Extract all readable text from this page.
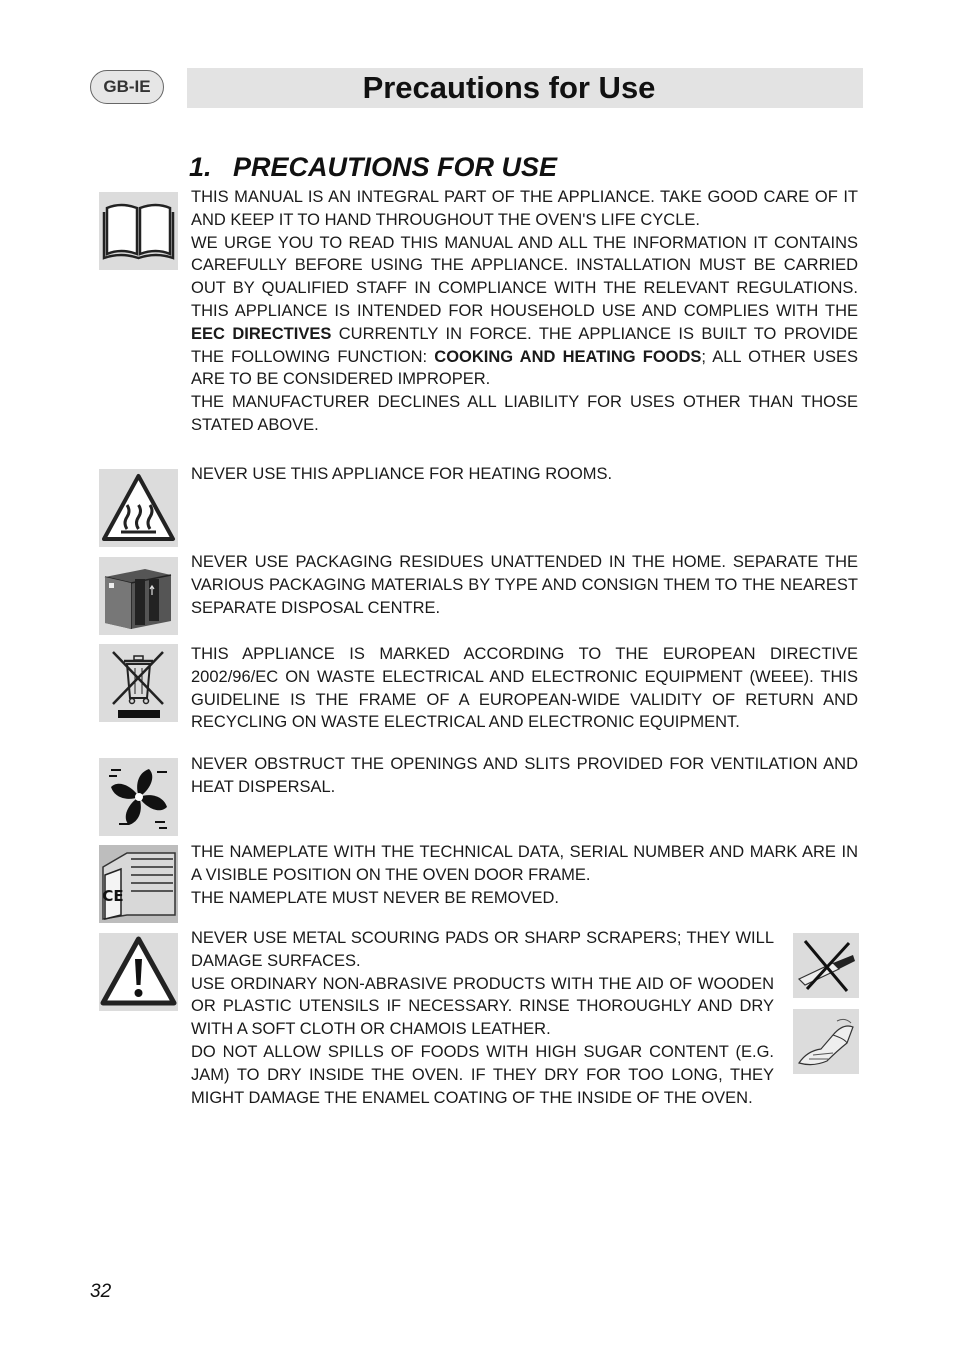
GB-IE	Precautions for Use
1. PRECAUTIONS FOR USE

THIS MANUAL IS AN INTEGRAL PART OF THE APPLIANCE. TAKE GOOD CARE OF IT AND KEEP IT TO HAND THROUGHOUT THE OVEN'S LIFE CYCLE.

WE URGE YOU TO READ THIS MANUAL AND ALL THE INFORMATION IT CONTAINS CAREFULLY BEFORE USING THE APPLIANCE. INSTALLATION MUST BE CARRIED OUT BY QUALIFIED STAFF IN COMPLIANCE WITH THE RELEVANT REGULATIONS. THIS APPLIANCE IS INTENDED FOR HOUSEHOLD USE AND COMPLIES WITH THE EEC DIRECTIVES CURRENTLY IN FORCE. THE APPLIANCE IS BUILT TO PROVIDE THE FOLLOWING FUNCTION: COOKING AND HEATING FOODS; ALL OTHER USES ARE TO BE CONSIDERED IMPROPER.

THE MANUFACTURER DECLINES ALL LIABILITY FOR USES OTHER THAN THOSE STATED ABOVE.

NEVER USE THIS APPLIANCE FOR HEATING ROOMS.

NEVER USE PACKAGING RESIDUES UNATTENDED IN THE HOME. SEPARATE THE VARIOUS PACKAGING MATERIALS BY TYPE AND CONSIGN THEM TO THE NEAREST SEPARATE DISPOSAL CENTRE.

THIS APPLIANCE IS MARKED ACCORDING TO THE EUROPEAN DIRECTIVE 2002/96/EC ON WASTE ELECTRICAL AND ELECTRONIC EQUIPMENT (WEEE). THIS GUIDELINE IS THE FRAME OF A EUROPEAN-WIDE VALIDITY OF RETURN AND RECYCLING ON WASTE ELECTRICAL AND ELECTRONIC EQUIPMENT.

NEVER OBSTRUCT THE OPENINGS AND SLITS PROVIDED FOR VENTILATION AND HEAT DISPERSAL.

CE

THE NAMEPLATE WITH THE TECHNICAL DATA, SERIAL NUMBER AND MARK ARE IN A VISIBLE POSITION ON THE OVEN DOOR FRAME.

THE NAMEPLATE MUST NEVER BE REMOVED.

NEVER USE METAL SCOURING PADS OR SHARP SCRAPERS; THEY WILL DAMAGE SURFACES.

USE ORDINARY NON-ABRASIVE PRODUCTS WITH THE AID OF WOODEN OR PLASTIC UTENSILS IF NECESSARY. RINSE THOROUGHLY AND DRY WITH A SOFT CLOTH OR CHAMOIS LEATHER.

DO NOT ALLOW SPILLS OF FOODS WITH HIGH SUGAR CONTENT (E.G. JAM) TO DRY INSIDE THE OVEN. IF THEY DRY FOR TOO LONG, THEY MIGHT DAMAGE THE ENAMEL COATING OF THE INSIDE OF THE OVEN.

32
